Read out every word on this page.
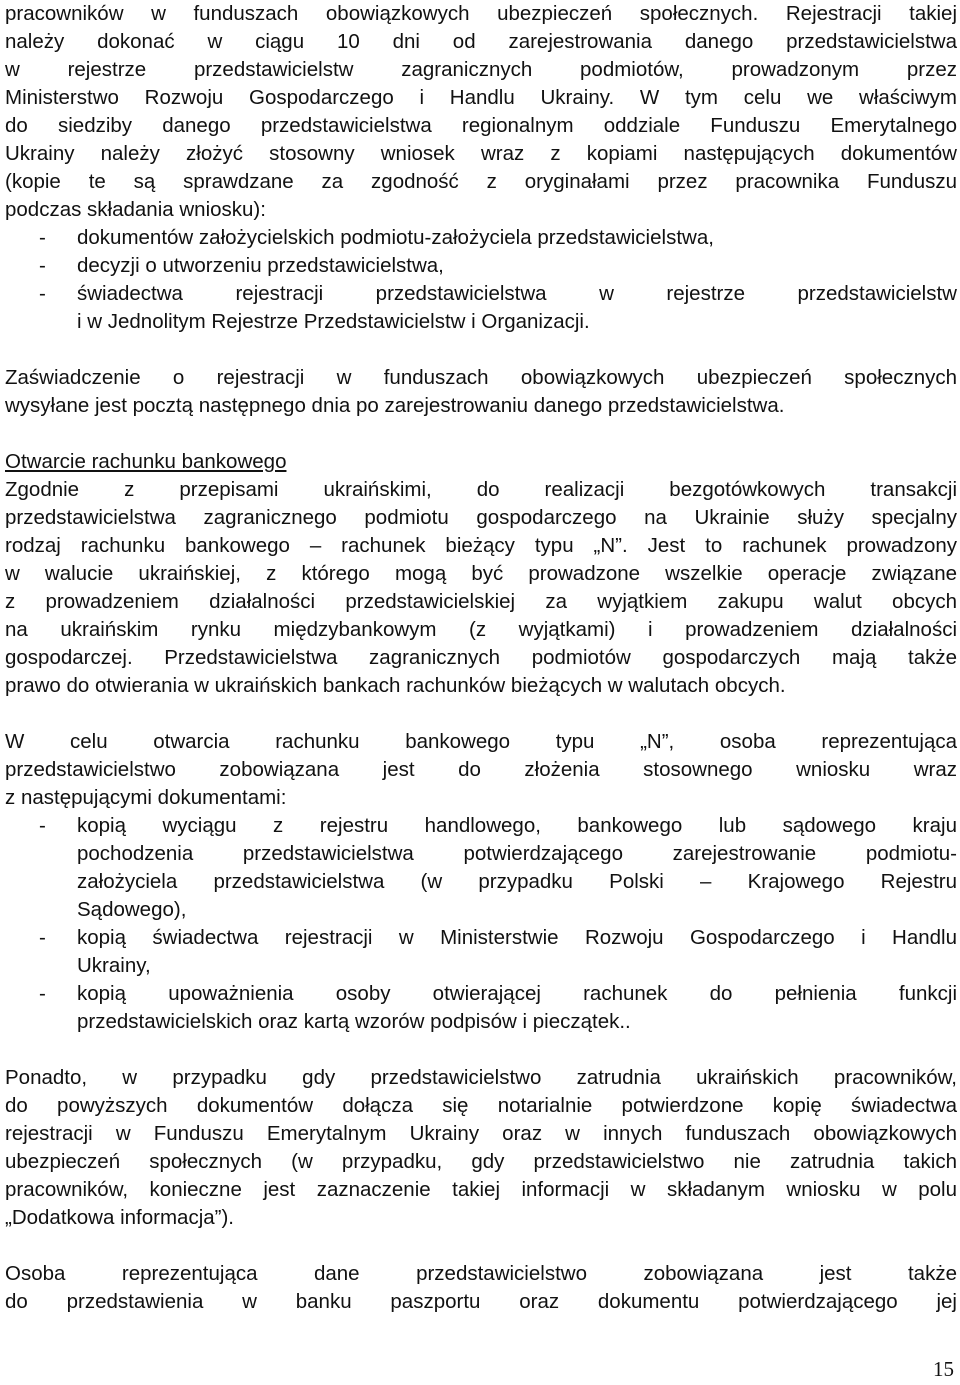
pracowników w funduszach obowiązkowych ubezpieczeń społecznych. Rejestracji takiej
należy dokonać w ciągu 10 dni od zarejestrowania danego przedstawicielstwa
w rejestrze przedstawicielstw zagranicznych podmiotów, prowadzonym przez
Ministerstwo Rozwoju Gospodarczego i Handlu Ukrainy. W tym celu we właściwym
do siedziby danego przedstawicielstwa regionalnym oddziale Funduszu Emerytalnego
Ukrainy należy złożyć stosowny wniosek wraz z kopiami następujących dokumentów
(kopie te są sprawdzane za zgodność z oryginałami przez pracownika Funduszu
podczas składania wniosku):
- dokumentów założycielskich podmiotu-założyciela przedstawicielstwa,
- decyzji o utworzeniu przedstawicielstwa,
- świadectwa rejestracji przedstawicielstwa w rejestrze przedstawicielstw
i w Jednolitym Rejestrze Przedstawicielstw i Organizacji.
Zaświadczenie o rejestracji w funduszach obowiązkowych ubezpieczeń społecznych
wysyłane jest pocztą następnego dnia po zarejestrowaniu danego przedstawicielstwa.
Otwarcie rachunku bankowego
Zgodnie z przepisami ukraińskimi, do realizacji bezgotówkowych transakcji
przedstawicielstwa zagranicznego podmiotu gospodarczego na Ukrainie służy specjalny
rodzaj rachunku bankowego – rachunek bieżący typu „N”. Jest to rachunek prowadzony
w walucie ukraińskiej, z którego mogą być prowadzone wszelkie operacje związane
z prowadzeniem działalności przedstawicielskiej za wyjątkiem zakupu walut obcych
na ukraińskim rynku międzybankowym (z wyjątkami) i prowadzeniem działalności
gospodarczej. Przedstawicielstwa zagranicznych podmiotów gospodarczych mają także
prawo do otwierania w ukraińskich bankach rachunków bieżących w walutach obcych.
W celu otwarcia rachunku bankowego typu „N”, osoba reprezentująca
przedstawicielstwo zobowiązana jest do złożenia stosownego wniosku wraz
z następującymi dokumentami:
- kopią wyciągu z rejestru handlowego, bankowego lub sądowego kraju
pochodzenia przedstawicielstwa potwierdzającego zarejestrowanie podmiotu-
założyciela przedstawicielstwa (w przypadku Polski – Krajowego Rejestru
Sądowego),
- kopią świadectwa rejestracji w Ministerstwie Rozwoju Gospodarczego i Handlu
Ukrainy,
- kopią upoważnienia osoby otwierającej rachunek do pełnienia funkcji
przedstawicielskich oraz kartą wzorów podpisów i pieczątek..
Ponadto, w przypadku gdy przedstawicielstwo zatrudnia ukraińskich pracowników,
do powyższych dokumentów dołącza się notarialnie potwierdzone kopię świadectwa
rejestracji w Funduszu Emerytalnym Ukrainy oraz w innych funduszach obowiązkowych
ubezpieczeń społecznych (w przypadku, gdy przedstawicielstwo nie zatrudnia takich
pracowników, konieczne jest zaznaczenie takiej informacji w składanym wniosku w polu
„Dodatkowa informacja”).
Osoba reprezentująca dane przedstawicielstwo zobowiązana jest także
do przedstawienia w banku paszportu oraz dokumentu potwierdzającego jej
15
